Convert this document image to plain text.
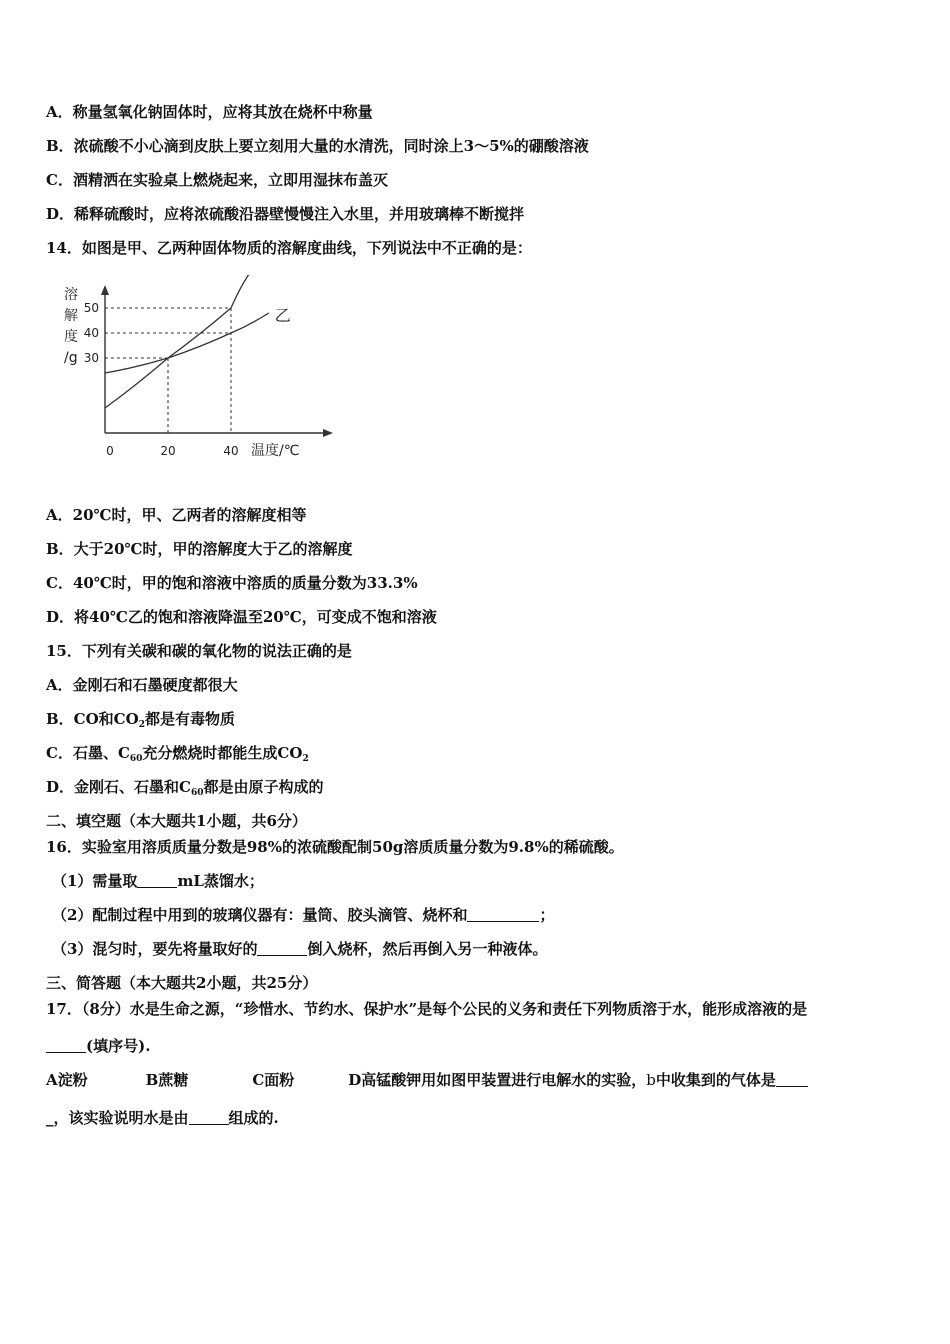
A．称量氢氧化钠固体时，应将其放在烧杯中称量
B．浓硫酸不小心滴到皮肤上要立刻用大量的水清洗，同时涂上3～5%的硼酸溶液
C．酒精洒在实验桌上燃烧起来，立即用湿抹布盖灭
D．稀释硫酸时，应将浓硫酸沿器壁慢慢注入水里，并用玻璃棒不断搅拌
14．如图是甲、乙两种固体物质的溶解度曲线，下列说法中不正确的是：
乙
0	20	40
30
40
50
溶
解
度
/g
温度/℃
A．20℃时，甲、乙两者的溶解度相等
B．大于20℃时，甲的溶解度大于乙的溶解度
C．40℃时，甲的饱和溶液中溶质的质量分数为33.3%
D．将40℃乙的饱和溶液降温至20℃，可变成不饱和溶液
15．下列有关碳和碳的氧化物的说法正确的是
A．金刚石和石墨硬度都很大
B．CO和$CO_2$都是有毒物质
C．石墨、$C_{60}$充分燃烧时都能生成$CO_2$
D．金刚石、石墨和$C_{60}$都是由原子构成的
二、填空题（本大题共1小题，共6分）
16．实验室用溶质质量分数是98%的浓硫酸配制50g溶质质量分数为9.8%的稀硫酸。
（1）需量取	mL蒸馏水；
（2）配制过程中用到的玻璃仪器有：量筒、胶头滴管、烧杯和	；
（3）混匀时，要先将量取好的	倒入烧杯，然后再倒入另一种液体。
三、简答题（本大题共2小题，共25分）
17．（8分）水是生命之源，“珍惜水、节约水、保护水”是每个公民的义务和责任下列物质溶于水，能形成溶液的是
(填序号).
A淀粉	B蔗糖	C面粉	D高锰酸钾用如图甲装置进行电解水的实验，b中收集到的气体是
_，该实验说明水是由	组成的.
